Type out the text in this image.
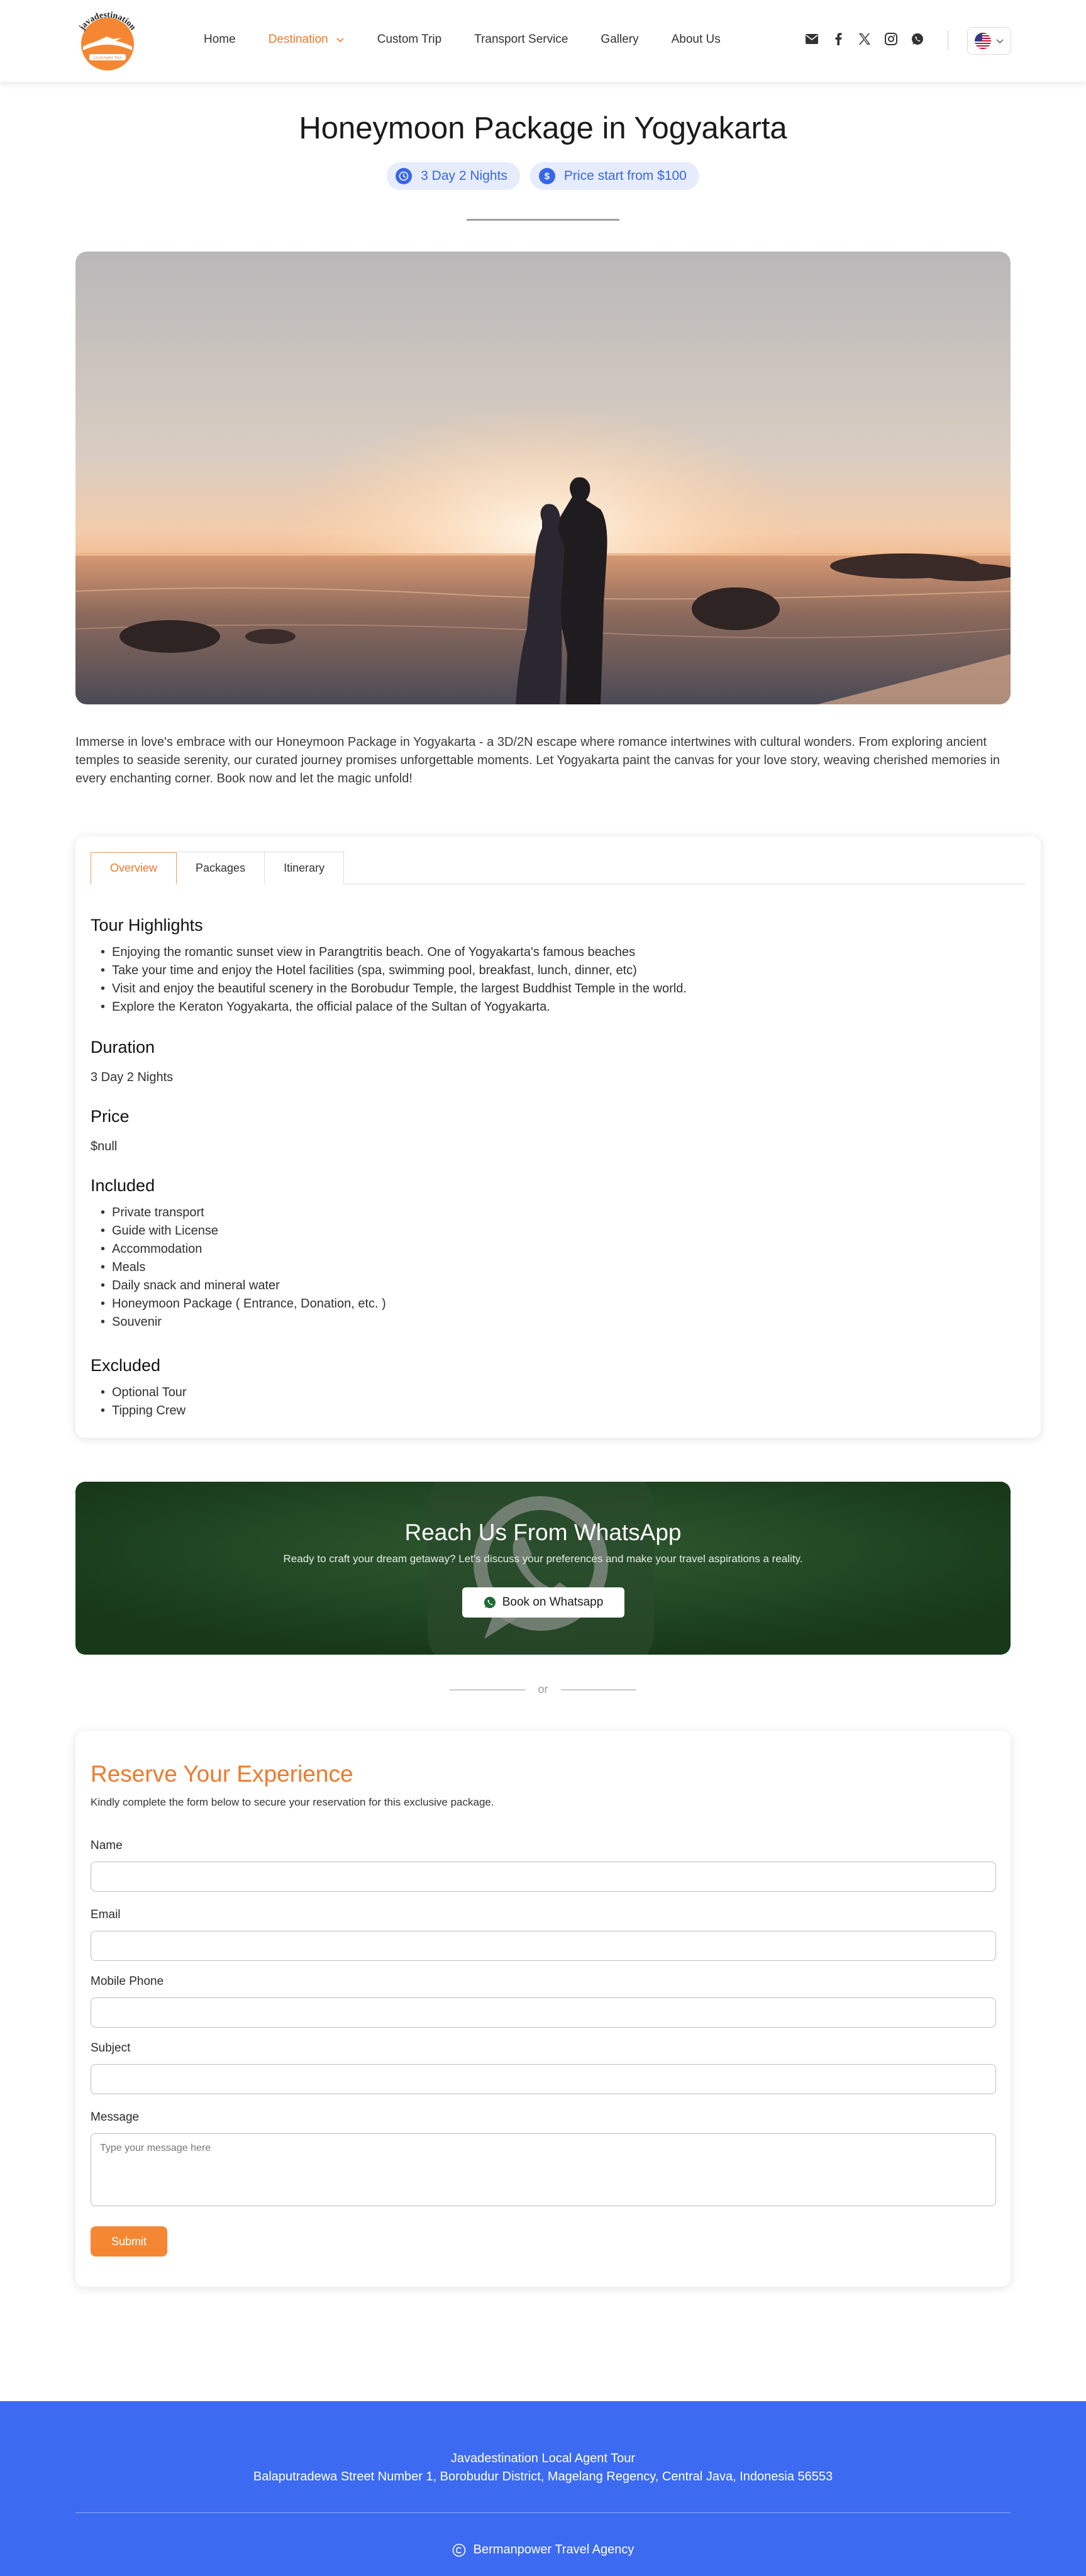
Local Agent Tour
javadestination
Home	Destination	Custom Trip	Transport Service	Gallery	About Us
Honeymoon Package in Yogyakarta
3 Day 2 Nights	$	Price start from $100
Immerse in love's embrace with our Honeymoon Package in Yogyakarta - a 3D/2N escape where romance intertwines with cultural wonders. From exploring ancient temples to seaside serenity, our curated journey promises unforgettable moments. Let Yogyakarta paint the canvas for your love story, weaving cherished memories in every enchanting corner. Book now and let the magic unfold!
Overview	Packages	Itinerary
Tour Highlights
• Enjoying the romantic sunset view in Parangtritis beach. One of Yogyakarta's famous beaches
• Take your time and enjoy the Hotel facilities (spa, swimming pool, breakfast, lunch, dinner, etc)
• Visit and enjoy the beautiful scenery in the Borobudur Temple, the largest Buddhist Temple in the world.
• Explore the Keraton Yogyakarta, the official palace of the Sultan of Yogyakarta.
Duration
3 Day 2 Nights
Price
$null
Included
• Private transport
• Guide with License
• Accommodation
• Meals
• Daily snack and mineral water
• Honeymoon Package ( Entrance, Donation, etc. )
• Souvenir
Excluded
• Optional Tour
• Tipping Crew
Reach Us From WhatsApp
Ready to craft your dream getaway? Let's discuss your preferences and make your travel aspirations a reality.
Book on Whatsapp
or
Reserve Your Experience
Kindly complete the form below to secure your reservation for this exclusive package.
Name
Email
Mobile Phone
Subject
Message
Type your message here
Submit
Javadestination Local Agent Tour
Balaputradewa Street Number 1, Borobudur District, Magelang Regency, Central Java, Indonesia 56553
Bermanpower Travel Agency
